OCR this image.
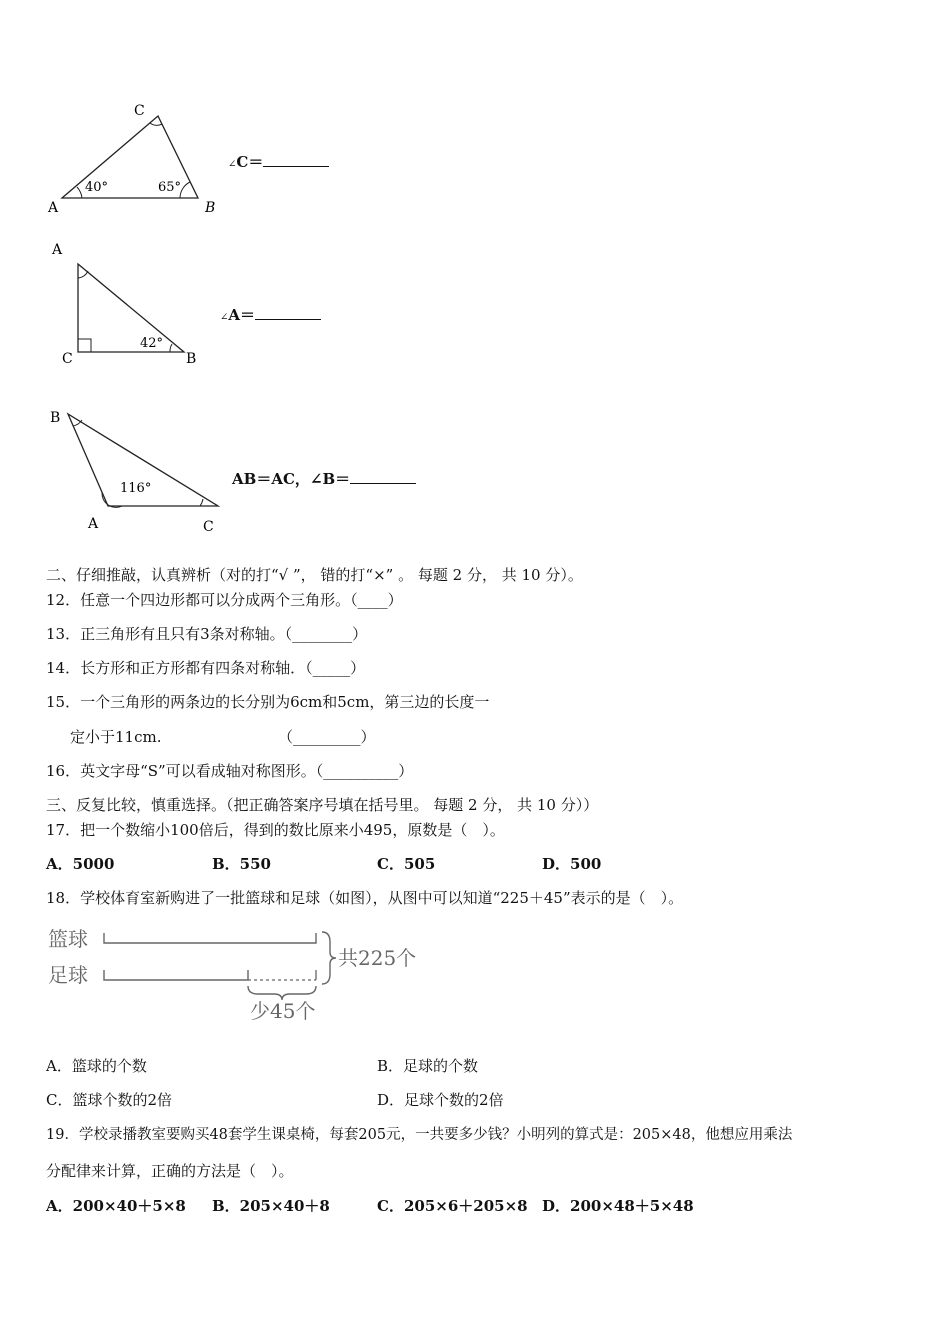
A	B
C
40°	65°
∠C＝
A
C	B
42°
∠A＝
B
A	C
116°
AB＝AC，∠B＝
二、仔细推敲，认真辨析（对的打“√ ”， 错的打“×” 。 每题 2 分， 共 10 分）。
12．任意一个四边形都可以分成两个三角形。（____）
13．正三角形有且只有3条对称轴。（________）
14．长方形和正方形都有四条对称轴．（_____）
15．一个三角形的两条边的长分别为6cm和5cm，第三边的长度一
定小于11cm.	（_________）
16．英文字母“S”可以看成轴对称图形。（__________）
三、反复比较，慎重选择。（把正确答案序号填在括号里。 每题 2 分， 共 10 分））
17．把一个数缩小100倍后，得到的数比原来小495，原数是（　）。
A．5000	B．550	C．505	D．500
18．学校体育室新购进了一批篮球和足球（如图），从图中可以知道“225＋45”表示的是（　）。
篮球
足球
共225个
少45个
A．篮球的个数	B．足球的个数
C．篮球个数的2倍	D．足球个数的2倍
19．学校录播教室要购买48套学生课桌椅，每套205元，一共要多少钱？小明列的算式是：205×48，他想应用乘法
分配律来计算，正确的方法是（　）。
A．200×40＋5×8 B．205×40＋8	C．205×6＋205×8 D．200×48＋5×48
